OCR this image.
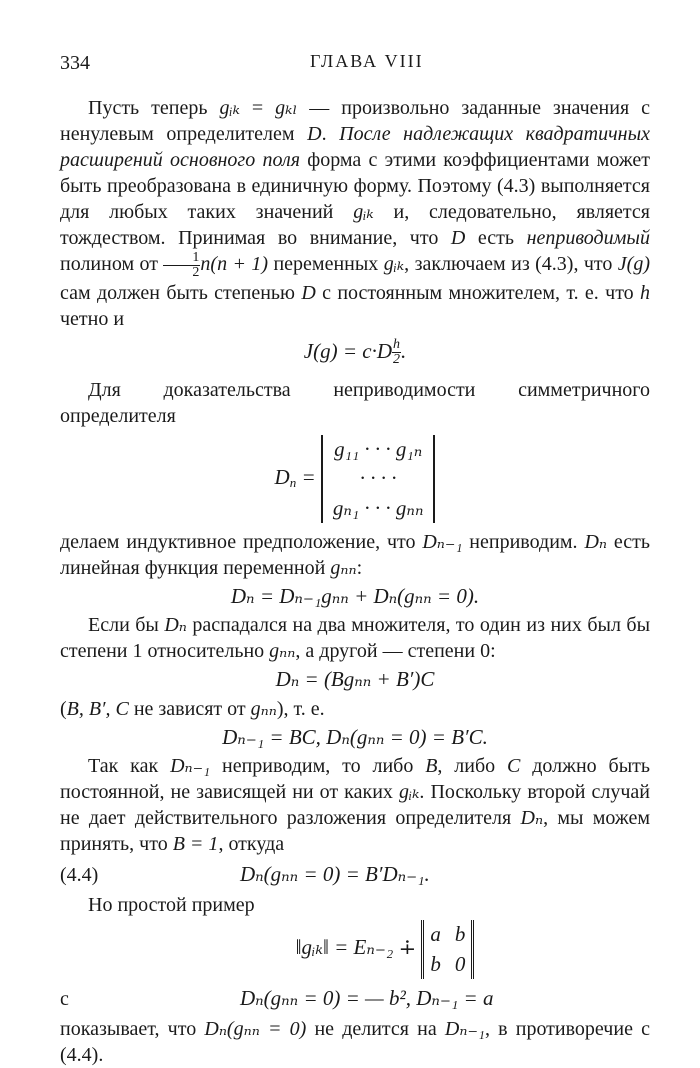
334	ГЛАВА VIII

Пусть теперь gᵢₖ = gₖₗ — произвольно заданные значения с ненулевым определителем D. После надлежащих квадратичных расширений основного поля форма с этими коэффициентами может быть преобразована в единичную форму. Поэтому (4.3) выполняется для любых таких значений gᵢₖ и, следовательно, является тождеством. Принимая во внимание, что D есть неприводимый полином от $\frac{1}{2} n(n + 1)$ переменных gᵢₖ, заключаем из (4.3), что J(g) сам должен быть степенью D с постоянным множителем, т. е. что h четно и

$J(g) = c\cdot D \frac{h}{2}$ .

Для доказательства неприводимости симметричного определителя

$D_n$ =
g₁₁ · · · g₁ₙ
· · · ·
gₙ₁ · · · gₙₙ

делаем индуктивное предположение, что Dₙ₋₁ неприводим. Dₙ есть линейная функция переменной gₙₙ:

Dₙ = Dₙ₋₁gₙₙ + Dₙ(gₙₙ = 0).

Если бы Dₙ распадался на два множителя, то один из них был бы степени 1 относительно gₙₙ, а другой — степени 0:

Dₙ = (Bgₙₙ + B′)C

(B, B′, C не зависят от gₙₙ), т. е.

Dₙ₋₁ = BC, Dₙ(gₙₙ = 0) = B′C.

Так как Dₙ₋₁ неприводим, то либо B, либо C должно быть постоянной, не зависящей ни от каких gᵢₖ. Поскольку второй случай не дает действительного разложения определителя Dₙ, мы можем принять, что B = 1, откуда

(4.4)	Dₙ(gₙₙ = 0) = B′Dₙ₋₁.

Но простой пример

‖gᵢₖ‖ = Eₙ₋₂ ∔
a b
b 0
с	Dₙ(gₙₙ = 0) = — b², Dₙ₋₁ = a

показывает, что Dₙ(gₙₙ = 0) не делится на Dₙ₋₁, в противоречие с (4.4).
